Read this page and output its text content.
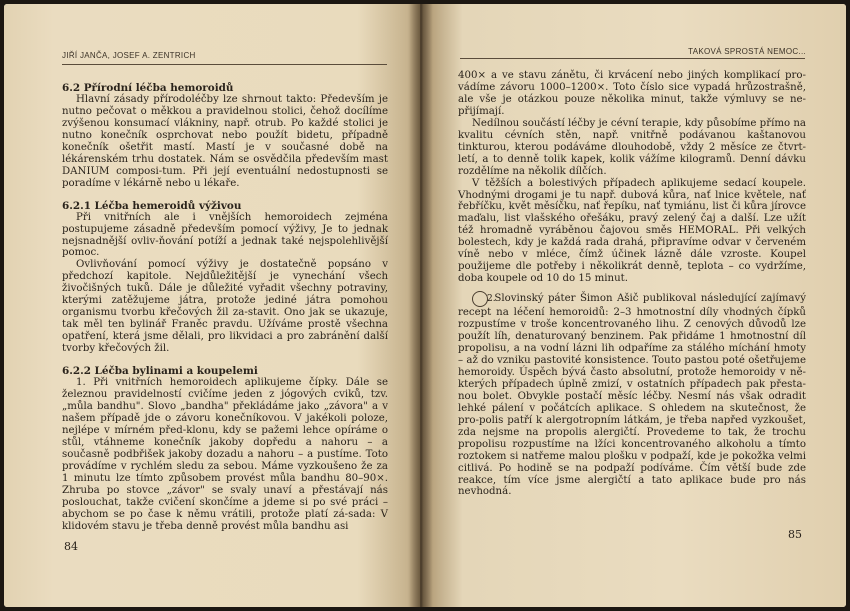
JIŘÍ JANČA, JOSEF A. ZENTRICH
6.2 Přírodní léčba hemoroidů

Hlavní zásady přírodoléčby lze shrnout takto: Především je nutno pečovat o měkkou a pravidelnou stolici, čehož docílíme zvýšenou konsumací vlákniny, např. otrub. Po každé stolici je nutno konečník osprchovat nebo použít bidetu, případně konečník ošetřit mastí. Mastí je v současné době na lékárenském trhu dostatek. Nám se osvědčila především mast DANIUM composi-tum. Při její eventuální nedostupnosti se poradíme v lékárně nebo u lékaře.

6.2.1 Léčba hemeroidů výživou

Při vnitřních ale i vnějších hemoroidech zejména postupujeme zásadně především pomocí výživy, Je to jednak nejsnadnější ovliv-ňování potíží a jednak také nejspolehlivější pomoc.

Ovlivňování pomocí výživy je dostatečně popsáno v předchozí kapitole. Nejdůležitější je vynechání všech živočišných tuků. Dále je důležité vyřadit všechny potraviny, kterými zatěžujeme játra, protože jediné játra pomohou organismu tvorbu křečových žil za-stavit. Ono jak se ukazuje, tak měl ten bylinář Franěc pravdu. Užíváme prostě všechna opatření, která jsme dělali, pro likvidaci a pro zabránění další tvorby křečových žil.

6.2.2 Léčba bylinami a koupelemi

1. Při vnitřních hemoroidech aplikujeme čípky. Dále se železnou pravidelností cvičíme jeden z jógových cviků, tzv. „můla bandhu". Slovo „bandha" překládáme jako „závora" a v našem případě jde o závoru konečníkovou. V jakékoli poloze, nejlépe v mírném před-klonu, kdy se pažemi lehce opíráme o stůl, vtáhneme konečník jakoby dopředu a nahoru – a současně podbřišek jakoby dozadu a nahoru – a pustíme. Toto provádíme v rychlém sledu za sebou. Máme vyzkoušeno že za 1 minutu lze tímto způsobem provést můla bandhu 80–90×. Zhruba po stovce „závor" se svaly unaví a přestávají nás poslouchat, takže cvičení skončíme a jdeme si po své práci – abychom se po čase k němu vrátili, protože platí zá-sada: V klidovém stavu je třeba denně provést můla bandhu asi

84
TAKOVÁ SPROSTÁ NEMOC...

400× a ve stavu zánětu, či krvácení nebo jiných komplikací pro-vádíme závoru 1000–1200×. Toto číslo sice vypadá hrůzostrašně, ale vše je otázkou pouze několika minut, takže výmluvy se ne-přijímají.

Nedílnou součástí léčby je cévní terapie, kdy působíme přímo na kvalitu cévních stěn, např. vnitřně podávanou kaštanovou tinkturou, kterou podáváme dlouhodobě, vždy 2 měsíce ze čtvrt-letí, a to denně tolik kapek, kolik vážíme kilogramů. Denní dávku rozdělíme na několik dílčích.

V těžších a bolestivých případech aplikujeme sedací koupele. Vhodnými drogami je tu např. dubová kůra, nať lnice květele, nať řebříčku, květ měsíčku, nať řepíku, nať tymiánu, list či kůra jírovce maďalu, list vlašského ořešáku, pravý zelený čaj a další. Lze užít též hromadně vyráběnou čajovou směs HEMORAL. Při velkých bolestech, kdy je každá rada drahá, připravíme odvar v červeném víně nebo v mléce, čímž účinek lázně dále vzroste. Koupel použijeme dle potřeby i několikrát denně, teplota – co vydržíme, doba koupele od 10 do 15 minut.

2. Slovinský páter Šimon Ašič publikoval následující zajímavý recept na léčení hemoroidů: 2–3 hmotnostní díly vhodných čípků rozpustíme v troše koncentrovaného lihu. Z cenových důvodů lze použít líh, denaturovaný benzinem. Pak přidáme 1 hmotnostní díl propolisu, a na vodní lázni lih odpaříme za stálého míchání hmoty – až do vzniku pastovité konsistence. Touto pastou poté ošetřujeme hemoroidy. Úspěch bývá často absolutní, protože hemoroidy v ně-kterých případech úplně zmizí, v ostatních případech pak přesta-nou bolet. Obvykle postačí měsíc léčby. Nesmí nás však odradit lehké pálení v počátcích aplikace. S ohledem na skutečnost, že pro-polis patří k alergotropním látkám, je třeba napřed vyzkoušet, zda nejsme na propolis alergičtí. Provedeme to tak, že trochu propolisu rozpustíme na lžíci koncentrovaného alkoholu a tímto roztokem si natřeme malou plošku v podpaží, kde je pokožka velmi citlivá. Po hodině se na podpaží podíváme. Čím větší bude zde reakce, tím více jsme alergičtí a tato aplikace bude pro nás nevhodná.

85
